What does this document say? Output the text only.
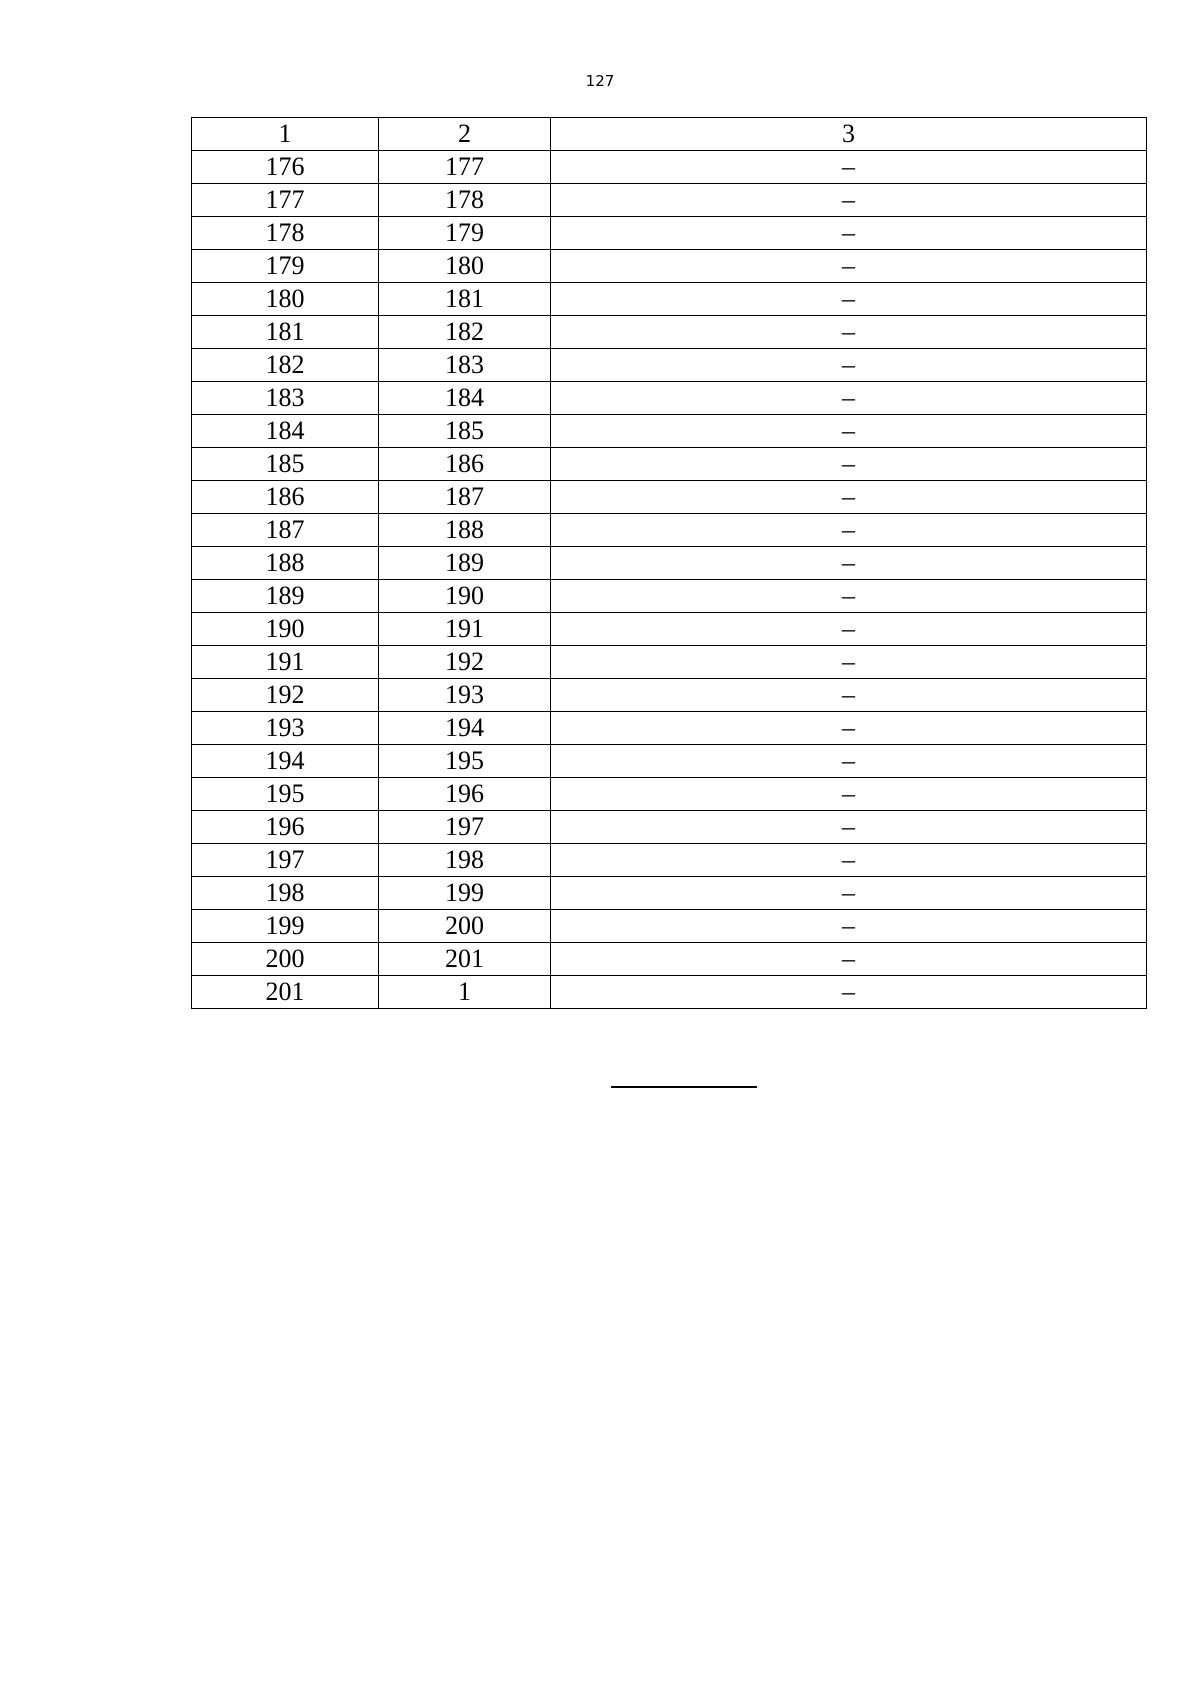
127
1	2	3
176	177	–
177	178	–
178	179	–
179	180	–
180	181	–
181	182	–
182	183	–
183	184	–
184	185	–
185	186	–
186	187	–
187	188	–
188	189	–
189	190	–
190	191	–
191	192	–
192	193	–
193	194	–
194	195	–
195	196	–
196	197	–
197	198	–
198	199	–
199	200	–
200	201	–
201	1	–
